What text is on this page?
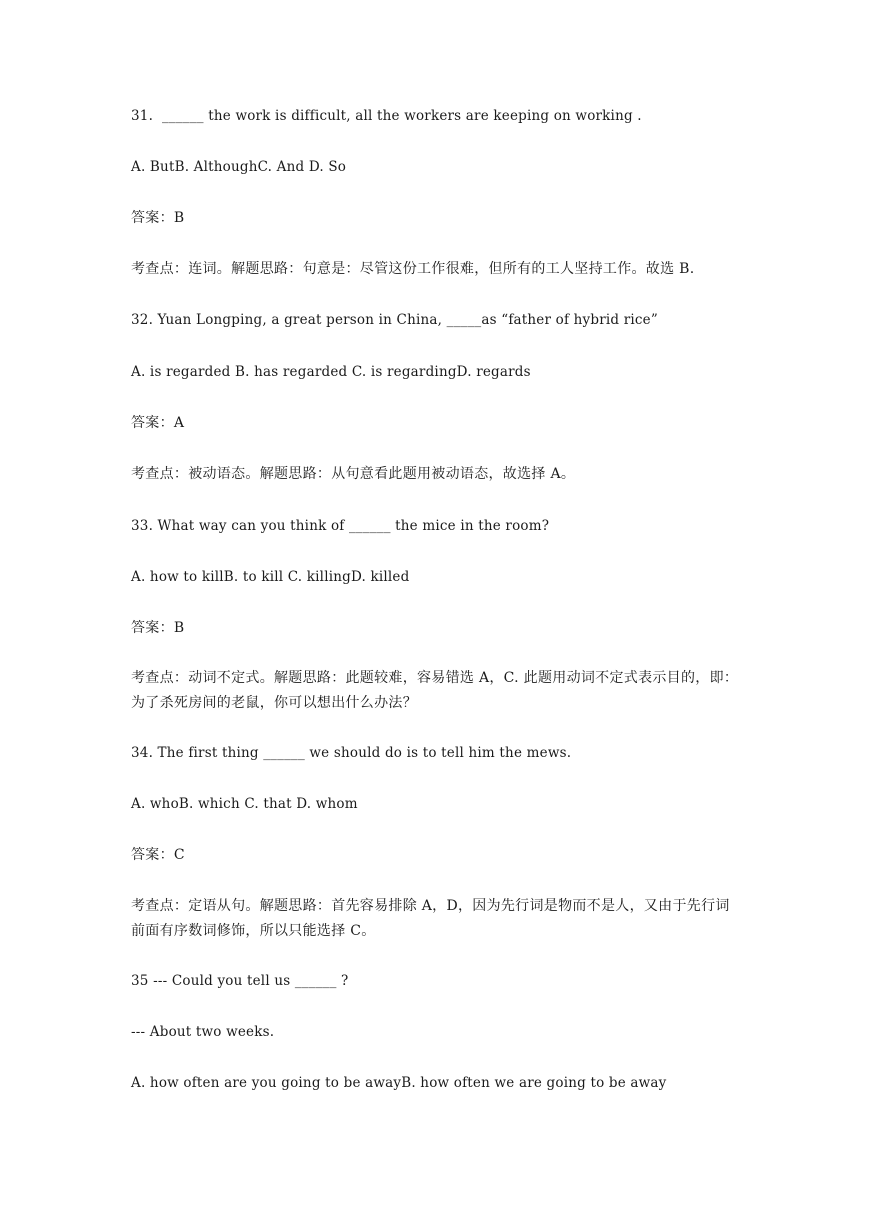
31.  ______ the work is difficult, all the workers are keeping on working .
A. ButB. AlthoughC. And D. So
答案：B
考查点：连词。解题思路：句意是：尽管这份工作很难，但所有的工人坚持工作。故选 B.
32. Yuan Longping, a great person in China, _____as “father of hybrid rice”
A. is regarded B. has regarded C. is regardingD. regards
答案：A
考查点：被动语态。解题思路：从句意看此题用被动语态，故选择 A。
33. What way can you think of ______ the mice in the room?
A. how to killB. to kill C. killingD. killed
答案：B
考查点：动词不定式。解题思路：此题较难，容易错选 A，C. 此题用动词不定式表示目的，即：为了杀死房间的老鼠，你可以想出什么办法？
34. The first thing ______ we should do is to tell him the mews.
A. whoB. which C. that D. whom
答案：C
考查点：定语从句。解题思路：首先容易排除 A，D，因为先行词是物而不是人，又由于先行词前面有序数词修饰，所以只能选择 C。
35 --- Could you tell us ______ ?
--- About two weeks.
A. how often are you going to be awayB. how often we are going to be away
